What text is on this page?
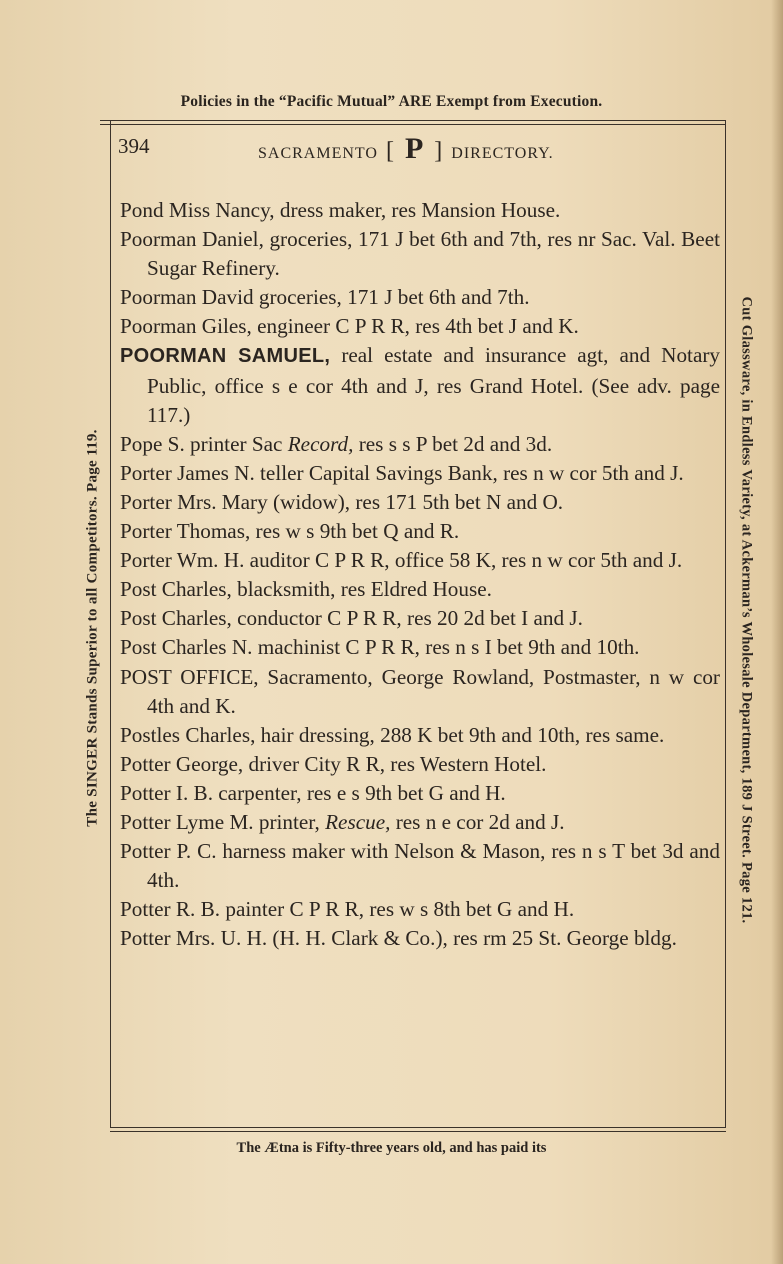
Policies in the “Pacific Mutual” ARE Exempt from Execution.
394	SACRAMENTO [ P ] DIRECTORY.
Pond Miss Nancy, dress maker, res Mansion House.
Poorman Daniel, groceries, 171 J bet 6th and 7th, res nr Sac. Val. Beet Sugar Refinery.
Poorman David groceries, 171 J bet 6th and 7th.
Poorman Giles, engineer C P R R, res 4th bet J and K.
POORMAN SAMUEL, real estate and insurance agt, and Notary Public, office s e cor 4th and J, res Grand Hotel. (See adv. page 117.)
Pope S. printer Sac Record, res s s P bet 2d and 3d.
Porter James N. teller Capital Savings Bank, res n w cor 5th and J.
Porter Mrs. Mary (widow), res 171 5th bet N and O.
Porter Thomas, res w s 9th bet Q and R.
Porter Wm. H. auditor C P R R, office 58 K, res n w cor 5th and J.
Post Charles, blacksmith, res Eldred House.
Post Charles, conductor C P R R, res 20 2d bet I and J.
Post Charles N. machinist C P R R, res n s I bet 9th and 10th.
POST OFFICE, Sacramento, George Rowland, Postmaster, n w cor 4th and K.
Postles Charles, hair dressing, 288 K bet 9th and 10th, res same.
Potter George, driver City R R, res Western Hotel.
Potter I. B. carpenter, res e s 9th bet G and H.
Potter Lyme M. printer, Rescue, res n e cor 2d and J.
Potter P. C. harness maker with Nelson & Mason, res n s T bet 3d and 4th.
Potter R. B. painter C P R R, res w s 8th bet G and H.
Potter Mrs. U. H. (H. H. Clark & Co.), res rm 25 St. George bldg.
The SINGER Stands Superior to all Competitors. Page 119.	Cut Glassware, in Endless Variety, at Ackerman’s Wholesale Department, 189 J Street. Page 121.
The Ætna is Fifty-three years old, and has paid its
